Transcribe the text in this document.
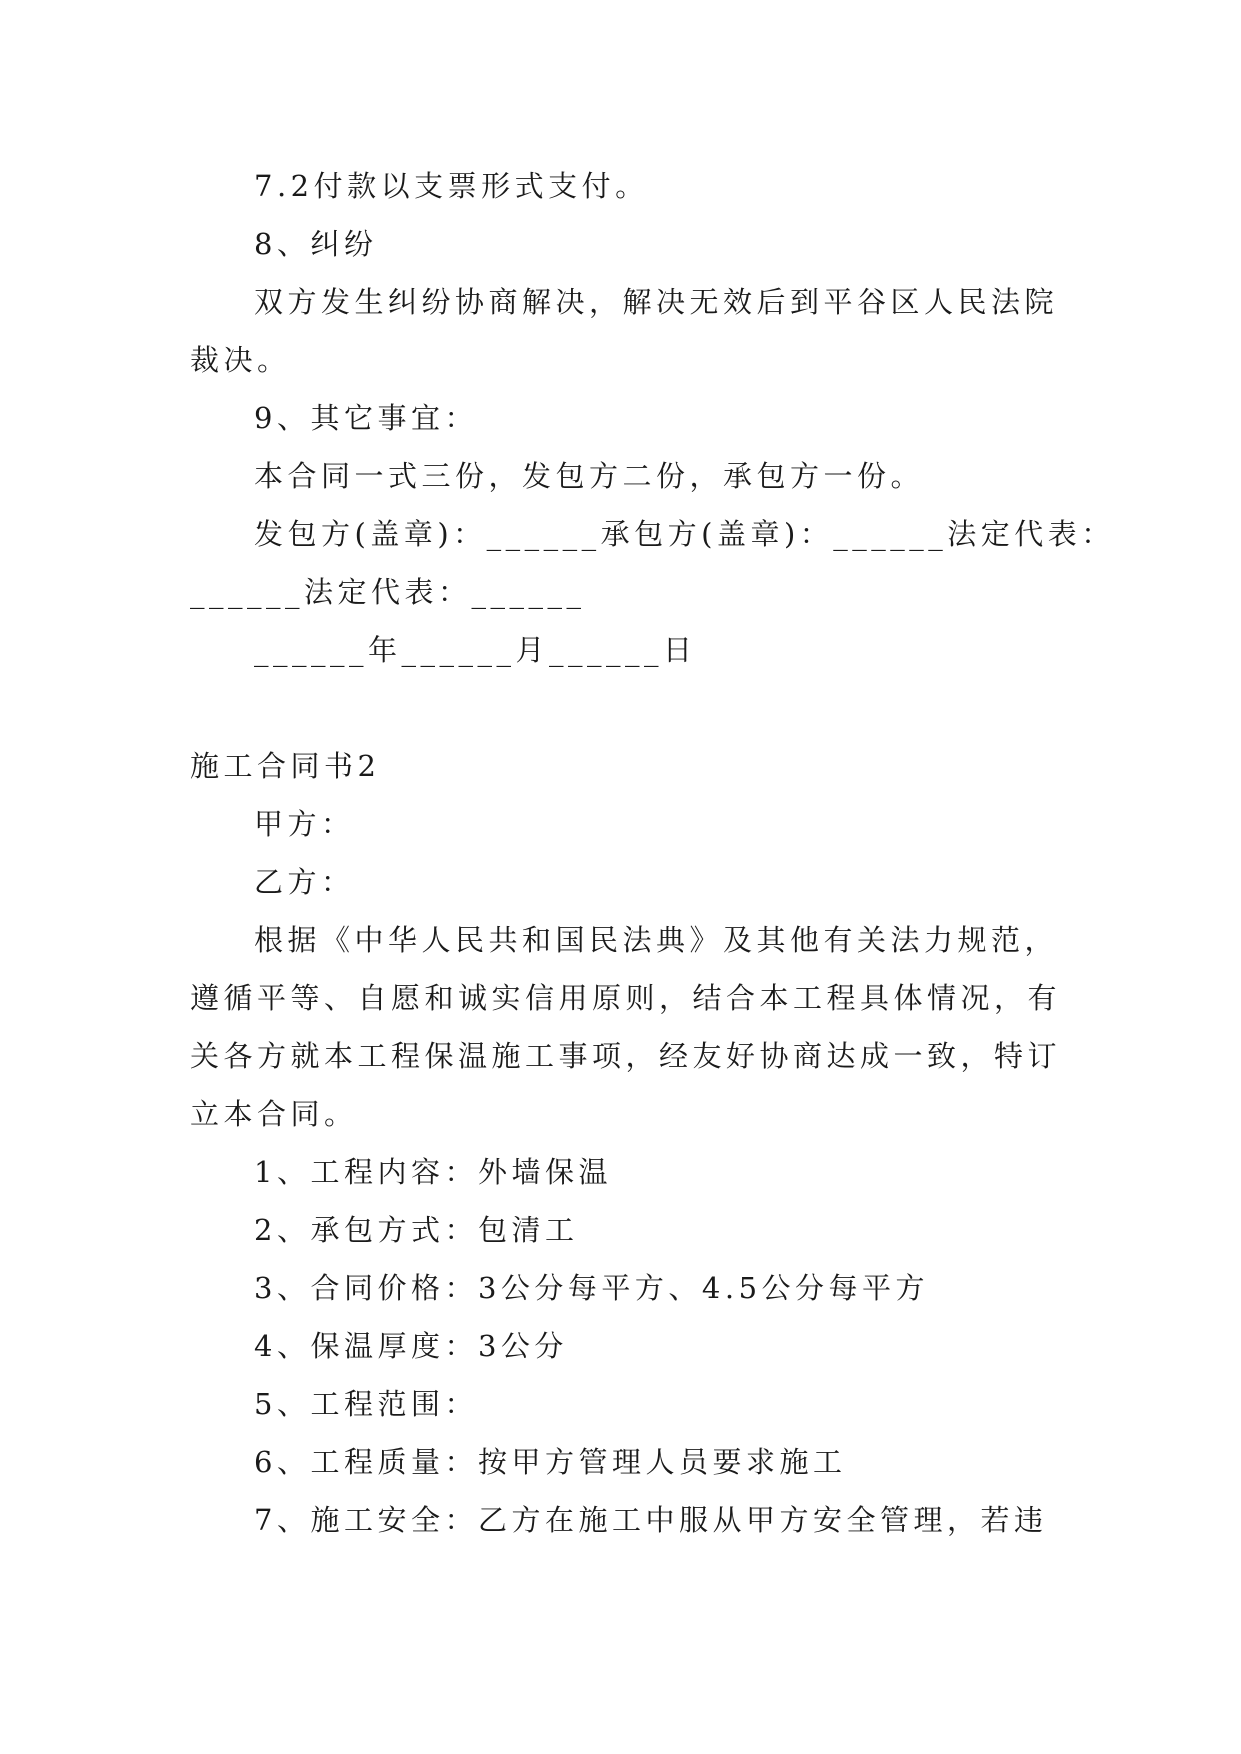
7.2付款以支票形式支付。
8、纠纷
双方发生纠纷协商解决，解决无效后到平谷区人民法院
裁决。
9、其它事宜：
本合同一式三份，发包方二份，承包方一份。
发包方(盖章)：______承包方(盖章)：______法定代表：
______法定代表：______
______年______月______日
施工合同书2
甲方：
乙方：
根据《中华人民共和国民法典》及其他有关法力规范，
遵循平等、自愿和诚实信用原则，结合本工程具体情况，有
关各方就本工程保温施工事项，经友好协商达成一致，特订
立本合同。
1、工程内容：外墙保温
2、承包方式：包清工
3、合同价格：3公分每平方、4.5公分每平方
4、保温厚度：3公分
5、工程范围：
6、工程质量：按甲方管理人员要求施工
7、施工安全：乙方在施工中服从甲方安全管理，若违
